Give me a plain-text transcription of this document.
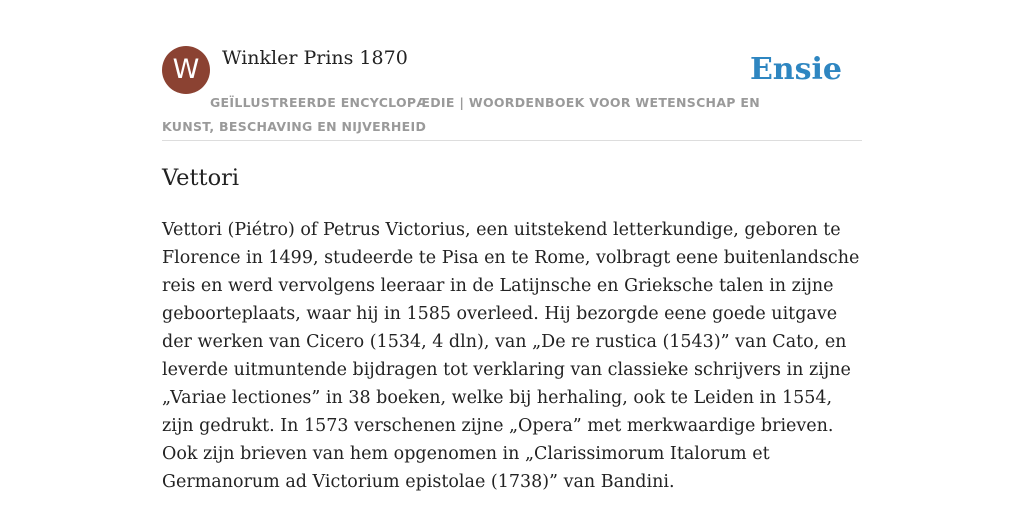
W	Winkler Prins 1870	Ensie
GEÏLLUSTREERDE ENCYCLOPÆDIE | WOORDENBOEK VOOR WETENSCHAP EN KUNST, BESCHAVING EN NIJVERHEID
Vettori

Vettori (Piétro) of Petrus Victorius, een uitstekend letterkundige, geboren te Florence in 1499, studeerde te Pisa en te Rome, volbragt eene buitenlandsche reis en werd vervolgens leeraar in de Latijnsche en Grieksche talen in zijne geboorteplaats, waar hij in 1585 overleed. Hij bezorgde eene goede uitgave der werken van Cicero (1534, 4 dln), van „De re rustica (1543)” van Cato, en leverde uitmuntende bijdragen tot verklaring van classieke schrijvers in zijne „Variae lectiones” in 38 boeken, welke bij herhaling, ook te Leiden in 1554, zijn gedrukt. In 1573 verschenen zijne „Opera” met merkwaardige brieven. Ook zijn brieven van hem opgenomen in „Clarissimorum Italorum et Germanorum ad Victorium epistolae (1738)” van Bandini.
